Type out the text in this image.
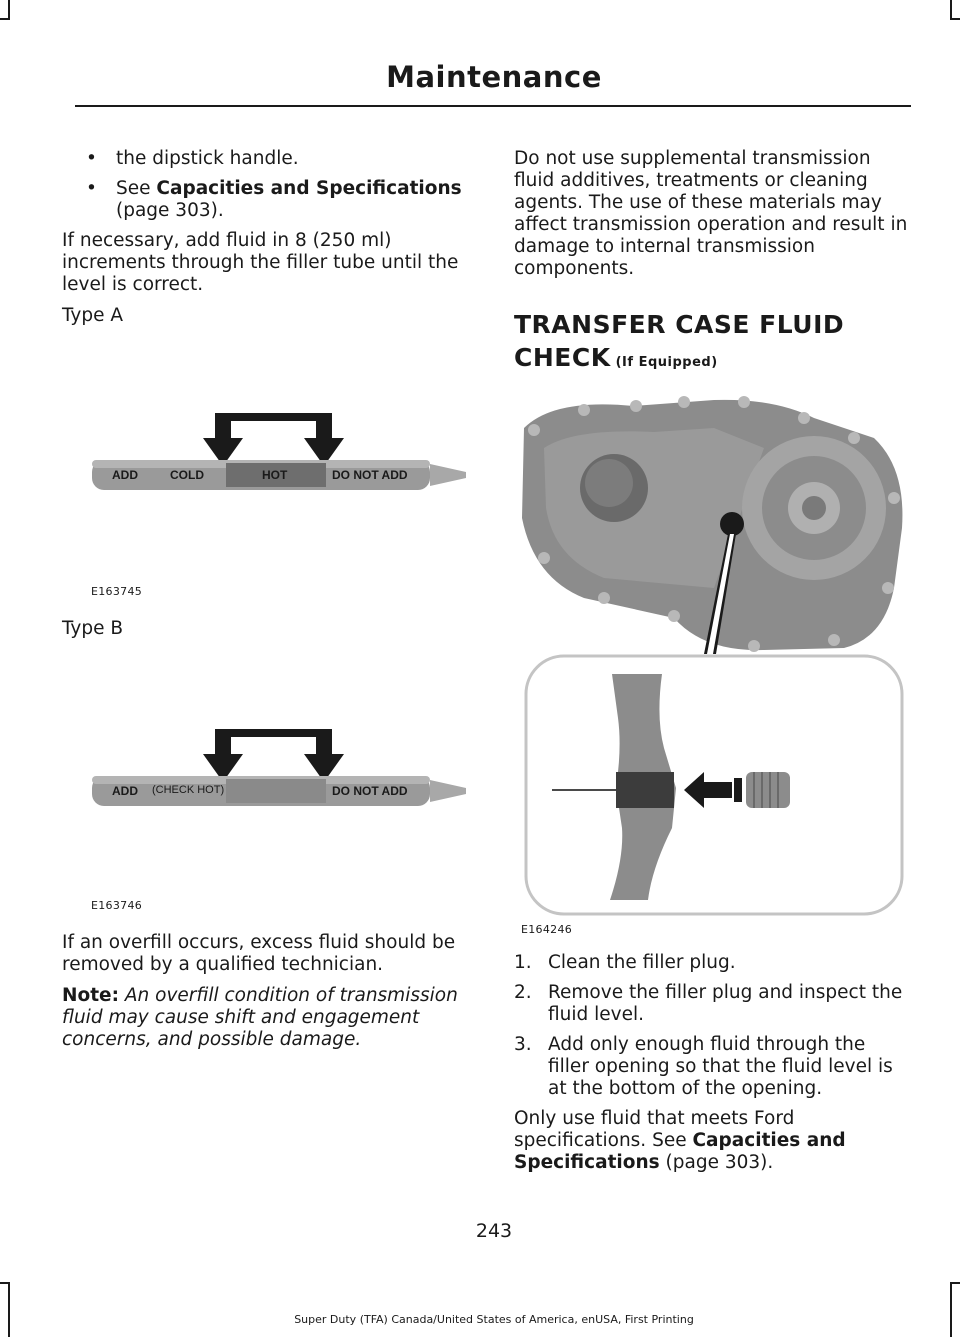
Maintenance
• the dipstick handle.
• See Capacities and Specifications (page 303).

If necessary, add fluid in 8 (250 ml) increments through the filler tube until the level is correct.

Type A

ADD	COLD	HOT	DO NOT ADD
E163745
Type B
ADD (CHECK HOT)	DO NOT ADD
E163746

If an overfill occurs, excess fluid should be removed by a qualified technician.

Note: An overfill condition of transmission fluid may cause shift and engagement concerns, and possible damage.

Do not use supplemental transmission fluid additives, treatments or cleaning agents. The use of these materials may affect transmission operation and result in damage to internal transmission components.

TRANSFER CASE FLUID
CHECK (If Equipped)
E164246
1. Clean the filler plug.
2. Remove the filler plug and inspect the fluid level.
3. Add only enough fluid through the filler opening so that the fluid level is at the bottom of the opening.

Only use fluid that meets Ford specifications. See Capacities and Specifications (page 303).

243
Super Duty (TFA) Canada/United States of America, enUSA, First Printing
